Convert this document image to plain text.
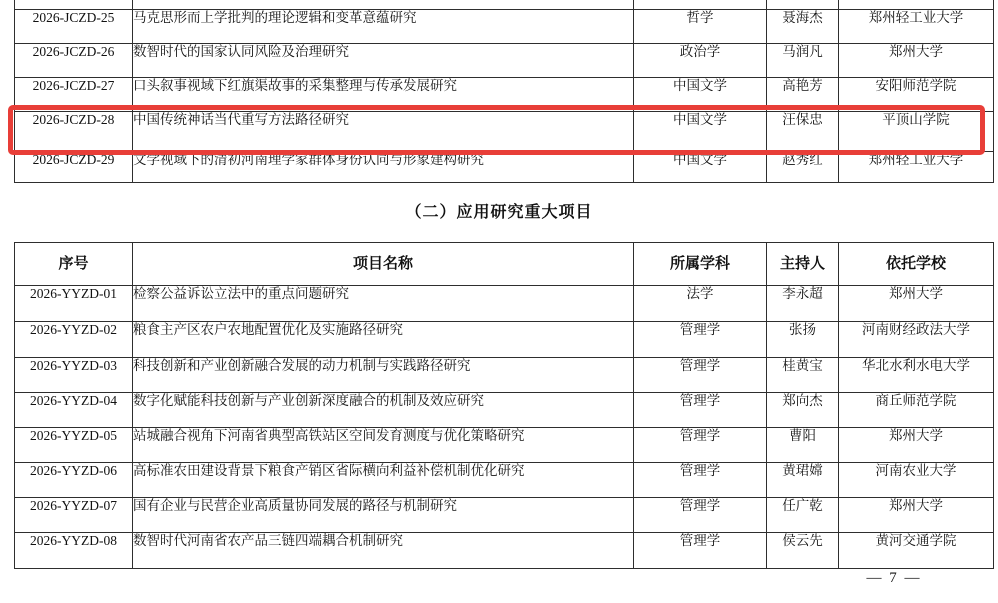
2026-JCZD-25	马克思形而上学批判的理论逻辑和变革意蕴研究	哲学	聂海杰	郑州轻工业大学
2026-JCZD-26	数智时代的国家认同风险及治理研究	政治学	马润凡	郑州大学
2026-JCZD-27	口头叙事视域下红旗渠故事的采集整理与传承发展研究	中国文学	高艳芳	安阳师范学院
2026-JCZD-28	中国传统神话当代重写方法路径研究	中国文学	汪保忠	平顶山学院
2026-JCZD-29	文学视域下的清初河南理学家群体身份认同与形象建构研究	中国文学	赵秀红	郑州轻工业大学
（二）应用研究重大项目
序号	项目名称	所属学科	主持人	依托学校
2026-YYZD-01	检察公益诉讼立法中的重点问题研究	法学	李永超	郑州大学
2026-YYZD-02	粮食主产区农户农地配置优化及实施路径研究	管理学	张扬	河南财经政法大学
2026-YYZD-03	科技创新和产业创新融合发展的动力机制与实践路径研究	管理学	桂黄宝	华北水利水电大学
2026-YYZD-04	数字化赋能科技创新与产业创新深度融合的机制及效应研究	管理学	郑向杰	商丘师范学院
2026-YYZD-05	站城融合视角下河南省典型高铁站区空间发育测度与优化策略研究	管理学	曹阳	郑州大学
2026-YYZD-06	高标准农田建设背景下粮食产销区省际横向利益补偿机制优化研究	管理学	黄珺嫦	河南农业大学
2026-YYZD-07	国有企业与民营企业高质量协同发展的路径与机制研究	管理学	任广乾	郑州大学
2026-YYZD-08	数智时代河南省农产品三链四端耦合机制研究	管理学	侯云先	黄河交通学院
— 7 —
